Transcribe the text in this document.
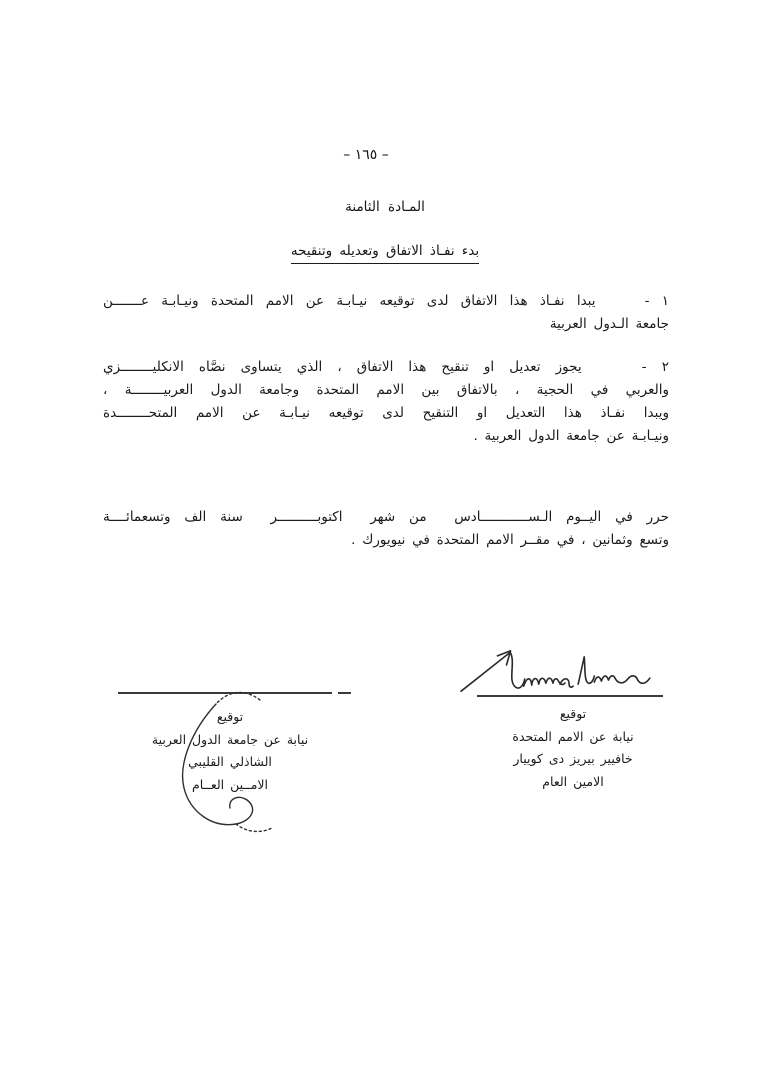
– ١٦٥ –
المـادة الثامنة
بدء نفـاذ الاتفاق وتعديله وتنقيحه
١ -    يبدا نفـاذ هذا الاتفاق لدى توقيعه نيـابـة عن الامم المتحدة ونيـابـة عـــــــن
جامعة الـدول العربية
٢ -    يجوز تعديل او تنقيح هذا الاتفاق ، الذي يتساوى نصَّاه الانكليــــــــزي
والعربي في الحجية ، بالاتفاق بين الامم المتحدة وجامعة الدول العربيــــــــة ،
ويبدا نفـاذ هذا التعديل او التنقيح لدى توقيعه نيـابـة عن الامم المتحــــــــدة
ونيـابـة عن جامعة الدول العربية .
حرر في اليــوم الـســــــــــــادس  من شهر  اكتوبــــــــــر  سنة الف وتسعمائــــة
وتسع وثمانين ، في مقــر الامم المتحدة في نيويورك .
توقيع
نيابة عن الامم المتحدة
خافيير بيريز دى كوييار
الامين العام
توقيع
نيابة عن جامعة الدول العربية
الشاذلي القليبي
الامــين العــام
